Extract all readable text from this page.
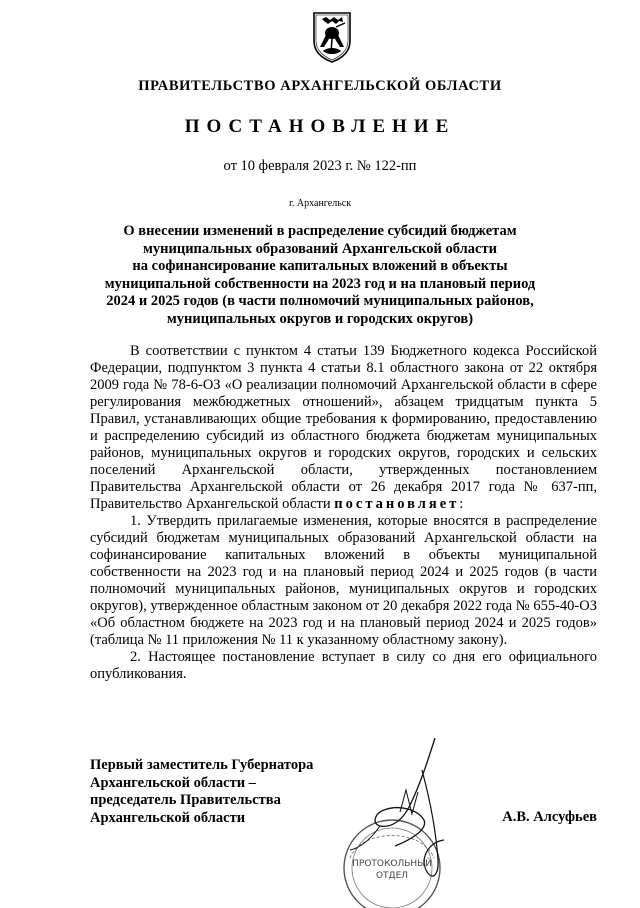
ПРАВИТЕЛЬСТВО АРХАНГЕЛЬСКОЙ ОБЛАСТИ
ПОСТАНОВЛЕНИЕ
от 10 февраля 2023 г. № 122-пп
г. Архангельск
О внесении изменений в распределение субсидий бюджетам
муниципальных образований Архангельской области
на софинансирование капитальных вложений в объекты
муниципальной собственности на 2023 год и на плановый период
2024 и 2025 годов (в части полномочий муниципальных районов,
муниципальных округов и городских округов)

В соответствии с пунктом 4 статьи 139 Бюджетного кодекса Российской Федерации, подпунктом 3 пункта 4 статьи 8.1 областного закона от 22 октября 2009 года № 78-6-ОЗ «О реализации полномочий Архангельской области в сфере регулирования межбюджетных отношений», абзацем тридцатым пункта 5 Правил, устанавливающих общие требования к формированию, предоставлению и распределению субсидий из областного бюджета бюджетам муниципальных районов, муниципальных округов и городских округов, городских и сельских поселений Архангельской области, утвержденных постановлением Правительства Архангельской области от 26 декабря 2017 года № 637-пп, Правительство Архангельской области постановляет:

1. Утвердить прилагаемые изменения, которые вносятся в распределение субсидий бюджетам муниципальных образований Архангельской области на софинансирование капитальных вложений в объекты муниципальной собственности на 2023 год и на плановый период 2024 и 2025 годов (в части полномочий муниципальных районов, муниципальных округов и городских округов), утвержденное областным законом от 20 декабря 2022 года № 655-40-ОЗ «Об областном бюджете на 2023 год и на плановый период 2024 и 2025 годов» (таблица № 11 приложения № 11 к указанному областному закону).

2. Настоящее постановление вступает в силу со дня его официального опубликования.

Первый заместитель Губернатора
Архангельской области –
председатель Правительства
Архангельской области	А.В. Алсуфьев
ПРОТОКОЛЬНЫЙ
ОТДЕЛ
